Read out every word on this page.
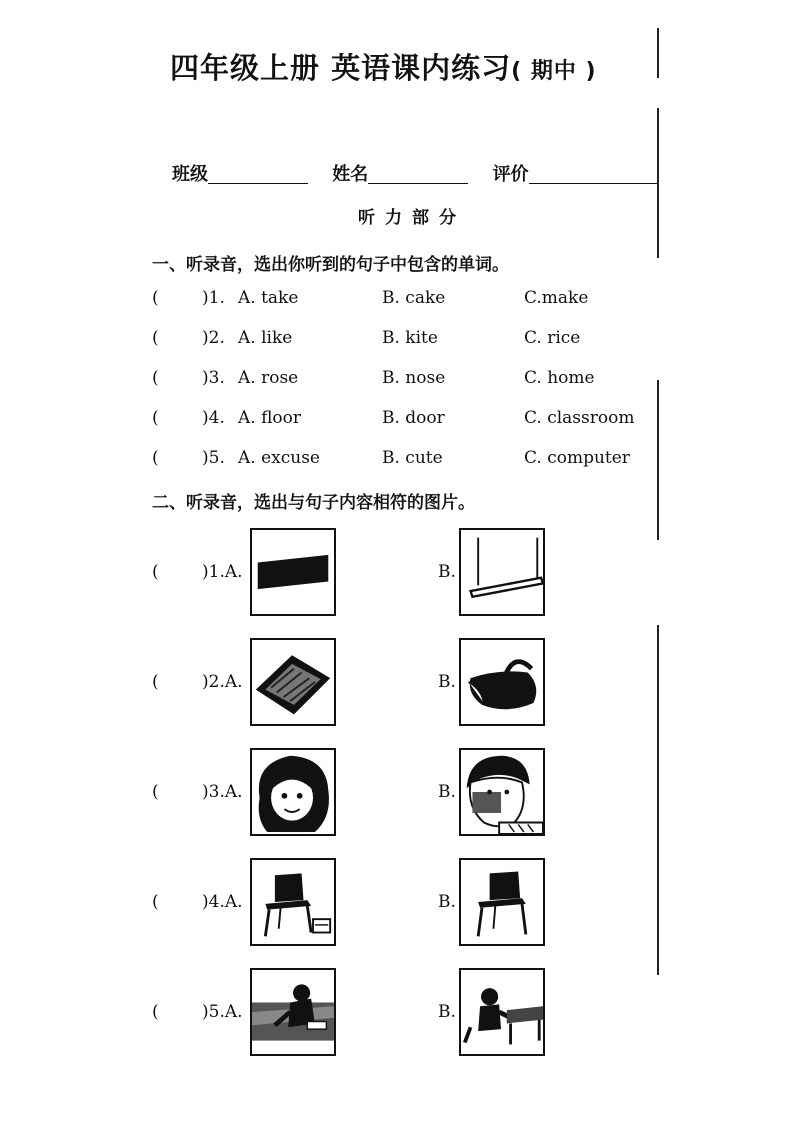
四年级上册 英语课内练习( 期中 )
班级	姓名	评价
听力部分
一、听录音，选出你听到的句子中包含的单词。
(	)1. A. take	B. cake	C.make
(	)2. A. like	B. kite	C. rice
(	)3. A. rose	B. nose	C. home
(	)4. A. floor	B. door	C. classroom
(	)5. A. excuse	B. cute	C. computer
二、听录音，选出与句子内容相符的图片。
(	)1.A.	B.
(	)2.A.	B.
(	)3.A.	B.
(	)4.A.	B.
(	)5.A.	B.
